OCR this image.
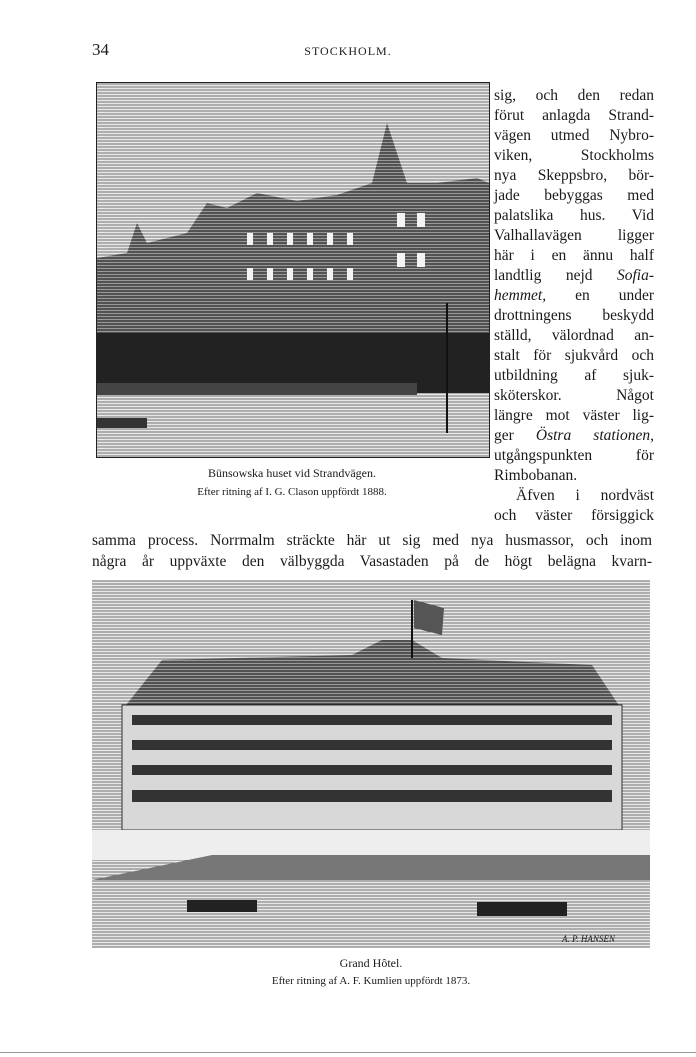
34	STOCKHOLM.
Bünsowska huset vid Strandvägen.
Efter ritning af I. G. Clason uppfördt 1888.
sig, och den redan
förut anlagda Strand-
vägen utmed Nybro-
viken, Stockholms
nya Skeppsbro, bör-
jade bebyggas med
palatslika hus. Vid
Valhallavägen ligger
här i en ännu half
landtlig nejd Sofia-
hemmet, en under
drottningens beskydd
ställd, välordnad an-
stalt för sjukvård och
utbildning af sjuk-
sköterskor. Något
längre mot väster lig-
ger Östra stationen,
utgångspunkten för
Rimbobanan.
Äfven i nordväst
och väster försiggick
samma process. Norrmalm sträckte här ut sig med nya husmassor, och inom
några år uppväxte den välbyggda Vasastaden på de högt belägna kvarn-
A. P. HANSEN
Grand Hôtel.
Efter ritning af A. F. Kumlien uppfördt 1873.
